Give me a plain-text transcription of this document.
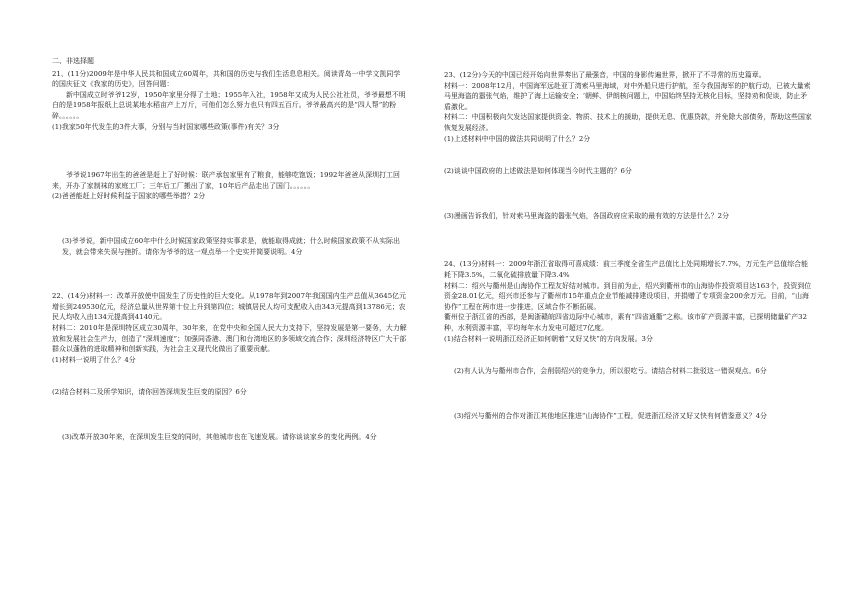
二、非选择题

21、(11分)2009年是中华人民共和国成立60周年，共和国的历史与我们生活息息相关。阅读青岛一中学文凯同学的国庆征文《我家的历史》，回答问题：

新中国成立时爷爷12岁，1950年家里分得了土地；1955年入社，1958年又成为人民公社社员，爷爷最想不明白的是1958年报纸上总说某地水稻亩产上万斤，可他们怎么努力也只有四五百斤。爷爷最高兴的是“四人帮”的粉碎。。。。。。

(1)我家50年代发生的3件大事，分别与当时国家哪些政策(事件)有关？3分

爷爷说1967年出生的爸爸是赶上了好时候：联产承包家里有了粮食，能够吃饱饭；1992年爸爸从深圳打工回来，开办了家制袜的家庭工厂；三年后工厂搬出了家，10年后产品走出了国门。。。。。。

(2)爸爸能赶上好时候利益于国家的哪些举措？2分

(3)爷爷说，新中国成立60年中什么时候国家政策坚持实事求是，就能取得成就；什么时候国家政策不从实际出发，就会带来失误与挫折。请你为爷爷的这一观点举一个史实并简要说明。4分

22、(14分)材料一：改革开放使中国发生了历史性的巨大变化。从1978年到2007年我国国内生产总值从3645亿元增长到249530亿元，经济总量从世界第十位上升到第四位；城镇居民人均可支配收入由343元提高到13786元；农民人均收入由134元提高到4140元。

材料二：2010年是深圳特区成立30周年，30年来，在党中央和全国人民大力支持下，坚持发展是第一要务，大力解放和发展社会生产力，创造了“深圳速度”；加强同香港、澳门和台湾地区的多领域交流合作；深圳经济特区广大干部群众以蓬勃的进取精神和创新实践，为社会主义现代化做出了重要贡献。

(1)材料一说明了什么？4分

(2)结合材料二及所学知识，请你回答深圳发生巨变的原因？6分

(3)改革开放30年来，在深圳发生巨变的同时，其他城市也在飞速发展。请你谈谈家乡的变化两例。4分

23、(12分)今天的中国已经开始向世界奏出了最强音，中国的身影传遍世界，掀开了不寻常的历史篇章。

材料一：2008年12月，中国海军远赴亚丁湾索马里海域，对中外船只进行护航，至今我国海军的护航行动，已被大量索马里海盗的嚣张气焰，维护了海上运输安全；‘朝鲜、伊朗核问题上，中国始终坚持无核化目标，坚持劝和促谈，防止矛盾激化。

材料二：中国积极向欠发达国家提供资金、物质、技术上的援助，提供无息、优惠贷款，并免除大部债务，帮助这些国家恢复发展经济。

(1)上述材料中中国的做法共同说明了什么？2分

(2)谈谈中国政府的上述做法是如何体现当今时代主题的？6分

(3)漫画告诉我们，针对索马里海盗的嚣张气焰，各国政府应采取的最有效的方法是什么？2分

24、(13分)材料一：2009年浙江省取得可喜成绩：前三季度全省生产总值比上处同期增长7.7%，万元生产总值综合能耗下降3.5%，二氧化硫排放量下降3.4%

材料二：绍兴与衢州是山海协作工程友好结对城市。到目前为止，绍兴到衢州市的山海协作投资项目达163个，投资到位资金28.01亿元，绍兴市还参与了衢州市15年重点企业节能减排建设项目，并捐赠了专项资金200余万元。目前，“山海协作”工程在两市进一步推进，区域合作不断拓展。

衢州位于浙江省的西部，是闽浙赣皖四省边际中心城市，素有“四省通衢”之称。该市矿产资源丰富，已探明储量矿产32种，水利资源丰富，平均每年水力发电可超过7亿度。

(1)结合材料一说明浙江经济正如何朝着“又好又快”的方向发展。3分

(2)有人认为与衢州市合作，会削弱绍兴的竞争力，所以很吃亏。请结合材料二批驳这一错误观点。6分

(3)绍兴与衢州的合作对浙江其他地区推进“山海协作”工程，促进浙江经济又好又快有何借鉴意义？4分
